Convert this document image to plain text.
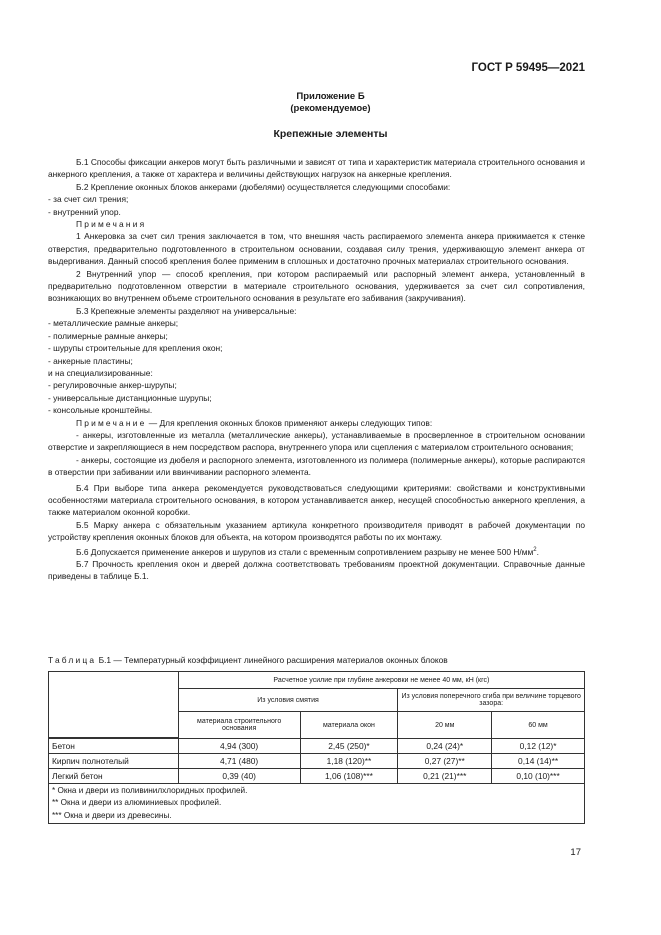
ГОСТ Р 59495—2021
Приложение Б
(рекомендуемое)
Крепежные элементы

Б.1 Способы фиксации анкеров могут быть различными и зависят от типа и характеристик материала строительного основания и анкерного крепления, а также от характера и величины действующих нагрузок на анкерные крепления.

Б.2 Крепление оконных блоков анкерами (дюбелями) осуществляется следующими способами:

- за счет сил трения;

- внутренний упор.

Примечания

1 Анкеровка за счет сил трения заключается в том, что внешняя часть распираемого элемента анкера прижимается к стенке отверстия, предварительно подготовленного в строительном основании, создавая силу трения, удерживающую элемент анкера от выдергивания. Данный способ крепления более применим в сплошных и достаточно прочных материалах строительного основания.

2 Внутренний упор — способ крепления, при котором распираемый или распорный элемент анкера, установленный в предварительно подготовленном отверстии в материале строительного основания, удерживается за счет сил сопротивления, возникающих во внутреннем объеме строительного основания в результате его забивания (закручивания).

Б.3 Крепежные элементы разделяют на универсальные:

- металлические рамные анкеры;

- полимерные рамные анкеры;

- шурупы строительные для крепления окон;

- анкерные пластины;

и на специализированные:

- регулировочные анкер-шурупы;

- универсальные дистанционные шурупы;

- консольные кронштейны.

Примечание — Для крепления оконных блоков применяют анкеры следующих типов:

- анкеры, изготовленные из металла (металлические анкеры), устанавливаемые в просверленное в строительном основании отверстие и закрепляющиеся в нем посредством распора, внутреннего упора или сцепления с материалом строительного основания;

- анкеры, состоящие из дюбеля и распорного элемента, изготовленного из полимера (полимерные анкеры), которые распираются в отверстии при забивании или ввинчивании распорного элемента.

Б.4 При выборе типа анкера рекомендуется руководствоваться следующими критериями: свойствами и конструктивными особенностями материала строительного основания, в котором устанавливается анкер, несущей способностью анкерного крепления, а также материалом оконной коробки.

Б.5 Марку анкера с обязательным указанием артикула конкретного производителя приводят в рабочей документации по устройству крепления оконных блоков для объекта, на котором производятся работы по их монтажу.

Б.6 Допускается применение анкеров и шурупов из стали с временным сопротивлением разрыву не менее 500 $Н/мм^2$.

Б.7 Прочность крепления окон и дверей должна соответствовать требованиям проектной документации. Справочные данные приведены в таблице Б.1.

Таблица Б.1 — Температурный коэффициент линейного расширения материалов оконных блоков
	Расчетное усилие при глубине анкеровки не менее 40 мм, кН (кгс)			
	Из условия смятия		Из условия поперечного сгиба при величине торцевого зазора:	
	материала строительного основания	материала окон	20 мм	60 мм

Бетон	4,94 (300)	2,45 (250)*	0,24 (24)*	0,12 (12)*
Кирпич полнотелый	4,71 (480)	1,18 (120)**	0,27 (27)**	0,14 (14)**
Легкий бетон	0,39 (40)	1,06 (108)***	0,21 (21)***	0,10 (10)***

* Окна и двери из поливинилхлоридных профилей.
** Окна и двери из алюминиевых профилей.
*** Окна и двери из древесины.				
17
